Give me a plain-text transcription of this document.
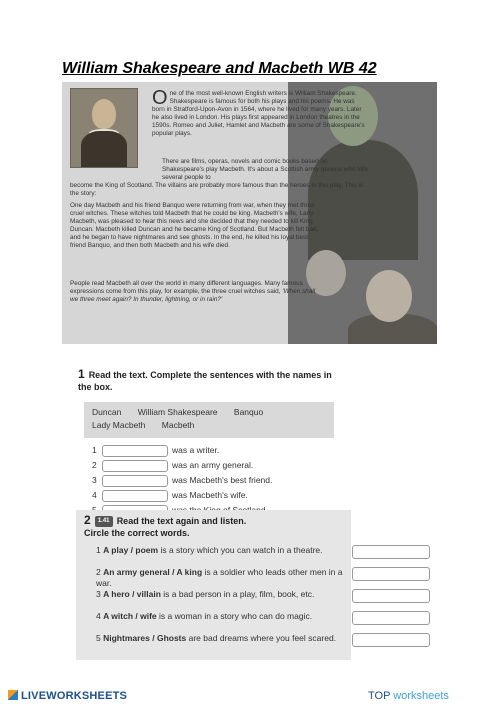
William Shakespeare and Macbeth WB 42
One of the most well-known English writers is William Shakespeare. Shakespeare is famous for both his plays and his poems. He was born in Stratford-Upon-Avon in 1564, where he lived for many years. Later he also lived in London. His plays first appeared in London theatres in the 1590s. Romeo and Juliet, Hamlet and Macbeth are some of Shakespeare's popular plays.
There are films, operas, novels and comic books based on Shakespeare's play Macbeth. It's about a Scottish army general who kills several people to
become the King of Scotland. The villains are probably more famous than the heroes in this play. This is the story:
One day Macbeth and his friend Banquo were returning from war, when they met three cruel witches. These witches told Macbeth that he could be king. Macbeth's wife, Lady Macbeth, was pleased to hear this news and she decided that they needed to kill King Duncan. Macbeth killed Duncan and he became King of Scotland. But Macbeth felt bad, and he began to have nightmares and see ghosts. In the end, he killed his loyal best friend Banquo, and then both Macbeth and his wife died.
People read Macbeth all over the world in many different languages. Many famous expressions come from this play, for example, the three cruel witches said, 'When shall we three meet again? In thunder, lightning, or in rain?'
1 Read the text. Complete the sentences with the names in the box.
Duncan William Shakespeare Banquo
Lady Macbeth Macbeth
1	was a writer.
2	was an army general.
3	was Macbeth's best friend.
4	was Macbeth's wife.
2 1.41 Read the text again and listen.
Circle the correct words.
1 A play / poem is a story which you can watch in a theatre.
2 An army general / A king is a soldier who leads other men in a war.
3 A hero / villain is a bad person in a play, film, book, etc.
4 A witch / wife is a woman in a story who can do magic.
5 Nightmares / Ghosts are bad dreams where you feel scared.
LIVEWORKSHEETS	TOP worksheets
